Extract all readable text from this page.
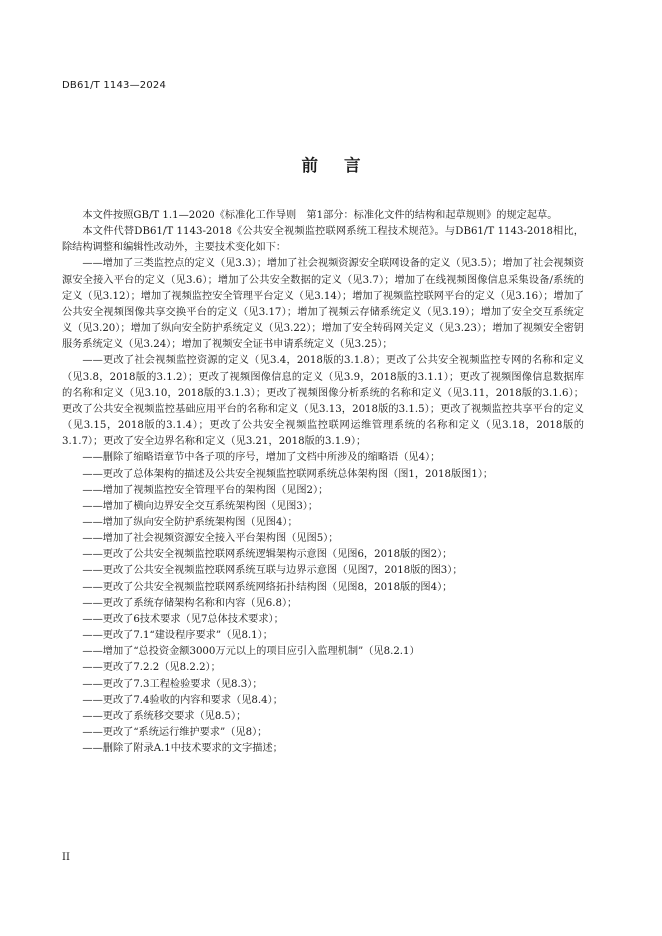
DB61/T 1143—2024
前言

本文件按照GB/T 1.1—2020《标准化工作导则　第1部分：标准化文件的结构和起草规则》的规定起草。

本文件代替DB61/T 1143-2018《公共安全视频监控联网系统工程技术规范》。与DB61/T 1143-2018相比，除结构调整和编辑性改动外，主要技术变化如下：

——增加了三类监控点的定义（见3.3）；增加了社会视频资源安全联网设备的定义（见3.5）；增加了社会视频资源安全接入平台的定义（见3.6）；增加了公共安全数据的定义（见3.7）；增加了在线视频图像信息采集设备/系统的定义（见3.12）；增加了视频监控安全管理平台定义（见3.14）；增加了视频监控联网平台的定义（见3.16）；增加了公共安全视频图像共享交换平台的定义（见3.17）；增加了视频云存储系统定义（见3.19）；增加了安全交互系统定义（见3.20）；增加了纵向安全防护系统定义（见3.22）；增加了安全转码网关定义（见3.23）；增加了视频安全密钥服务系统定义（见3.24）；增加了视频安全证书申请系统定义（见3.25）；

——更改了社会视频监控资源的定义（见3.4，2018版的3.1.8）；更改了公共安全视频监控专网的名称和定义（见3.8，2018版的3.1.2）；更改了视频图像信息的定义（见3.9，2018版的3.1.1）；更改了视频图像信息数据库的名称和定义（见3.10，2018版的3.1.3）；更改了视频图像分析系统的名称和定义（见3.11，2018版的3.1.6）；更改了公共安全视频监控基础应用平台的名称和定义（见3.13，2018版的3.1.5）；更改了视频监控共享平台的定义（见3.15，2018版的3.1.4）；更改了公共安全视频监控联网运维管理系统的名称和定义（见3.18，2018版的3.1.7）；更改了安全边界名称和定义（见3.21，2018版的3.1.9）；

——删除了缩略语章节中各子项的序号，增加了文档中所涉及的缩略语（见4）；

——更改了总体架构的描述及公共安全视频监控联网系统总体架构图（图1，2018版图1）；

——增加了视频监控安全管理平台的架构图（见图2）；

——增加了横向边界安全交互系统架构图（见图3）；

——增加了纵向安全防护系统架构图（见图4）；

——增加了社会视频资源安全接入平台架构图（见图5）；

——更改了公共安全视频监控联网系统逻辑架构示意图（见图6，2018版的图2）；

——更改了公共安全视频监控联网系统互联与边界示意图（见图7，2018版的图3）；

——更改了公共安全视频监控联网系统网络拓扑结构图（见图8，2018版的图4）；

——更改了系统存储架构名称和内容（见6.8）；

——更改了6技术要求（见7总体技术要求）；

——更改了7.1“建设程序要求”（见8.1）；

——增加了“总投资金额3000万元以上的项目应引入监理机制”（见8.2.1）

——更改了7.2.2（见8.2.2）；

——更改了7.3工程检验要求（见8.3）；

——更改了7.4验收的内容和要求（见8.4）；

——更改了系统移交要求（见8.5）；

——更改了“系统运行维护要求”（见8）；

——删除了附录A.1中技术要求的文字描述；

II
